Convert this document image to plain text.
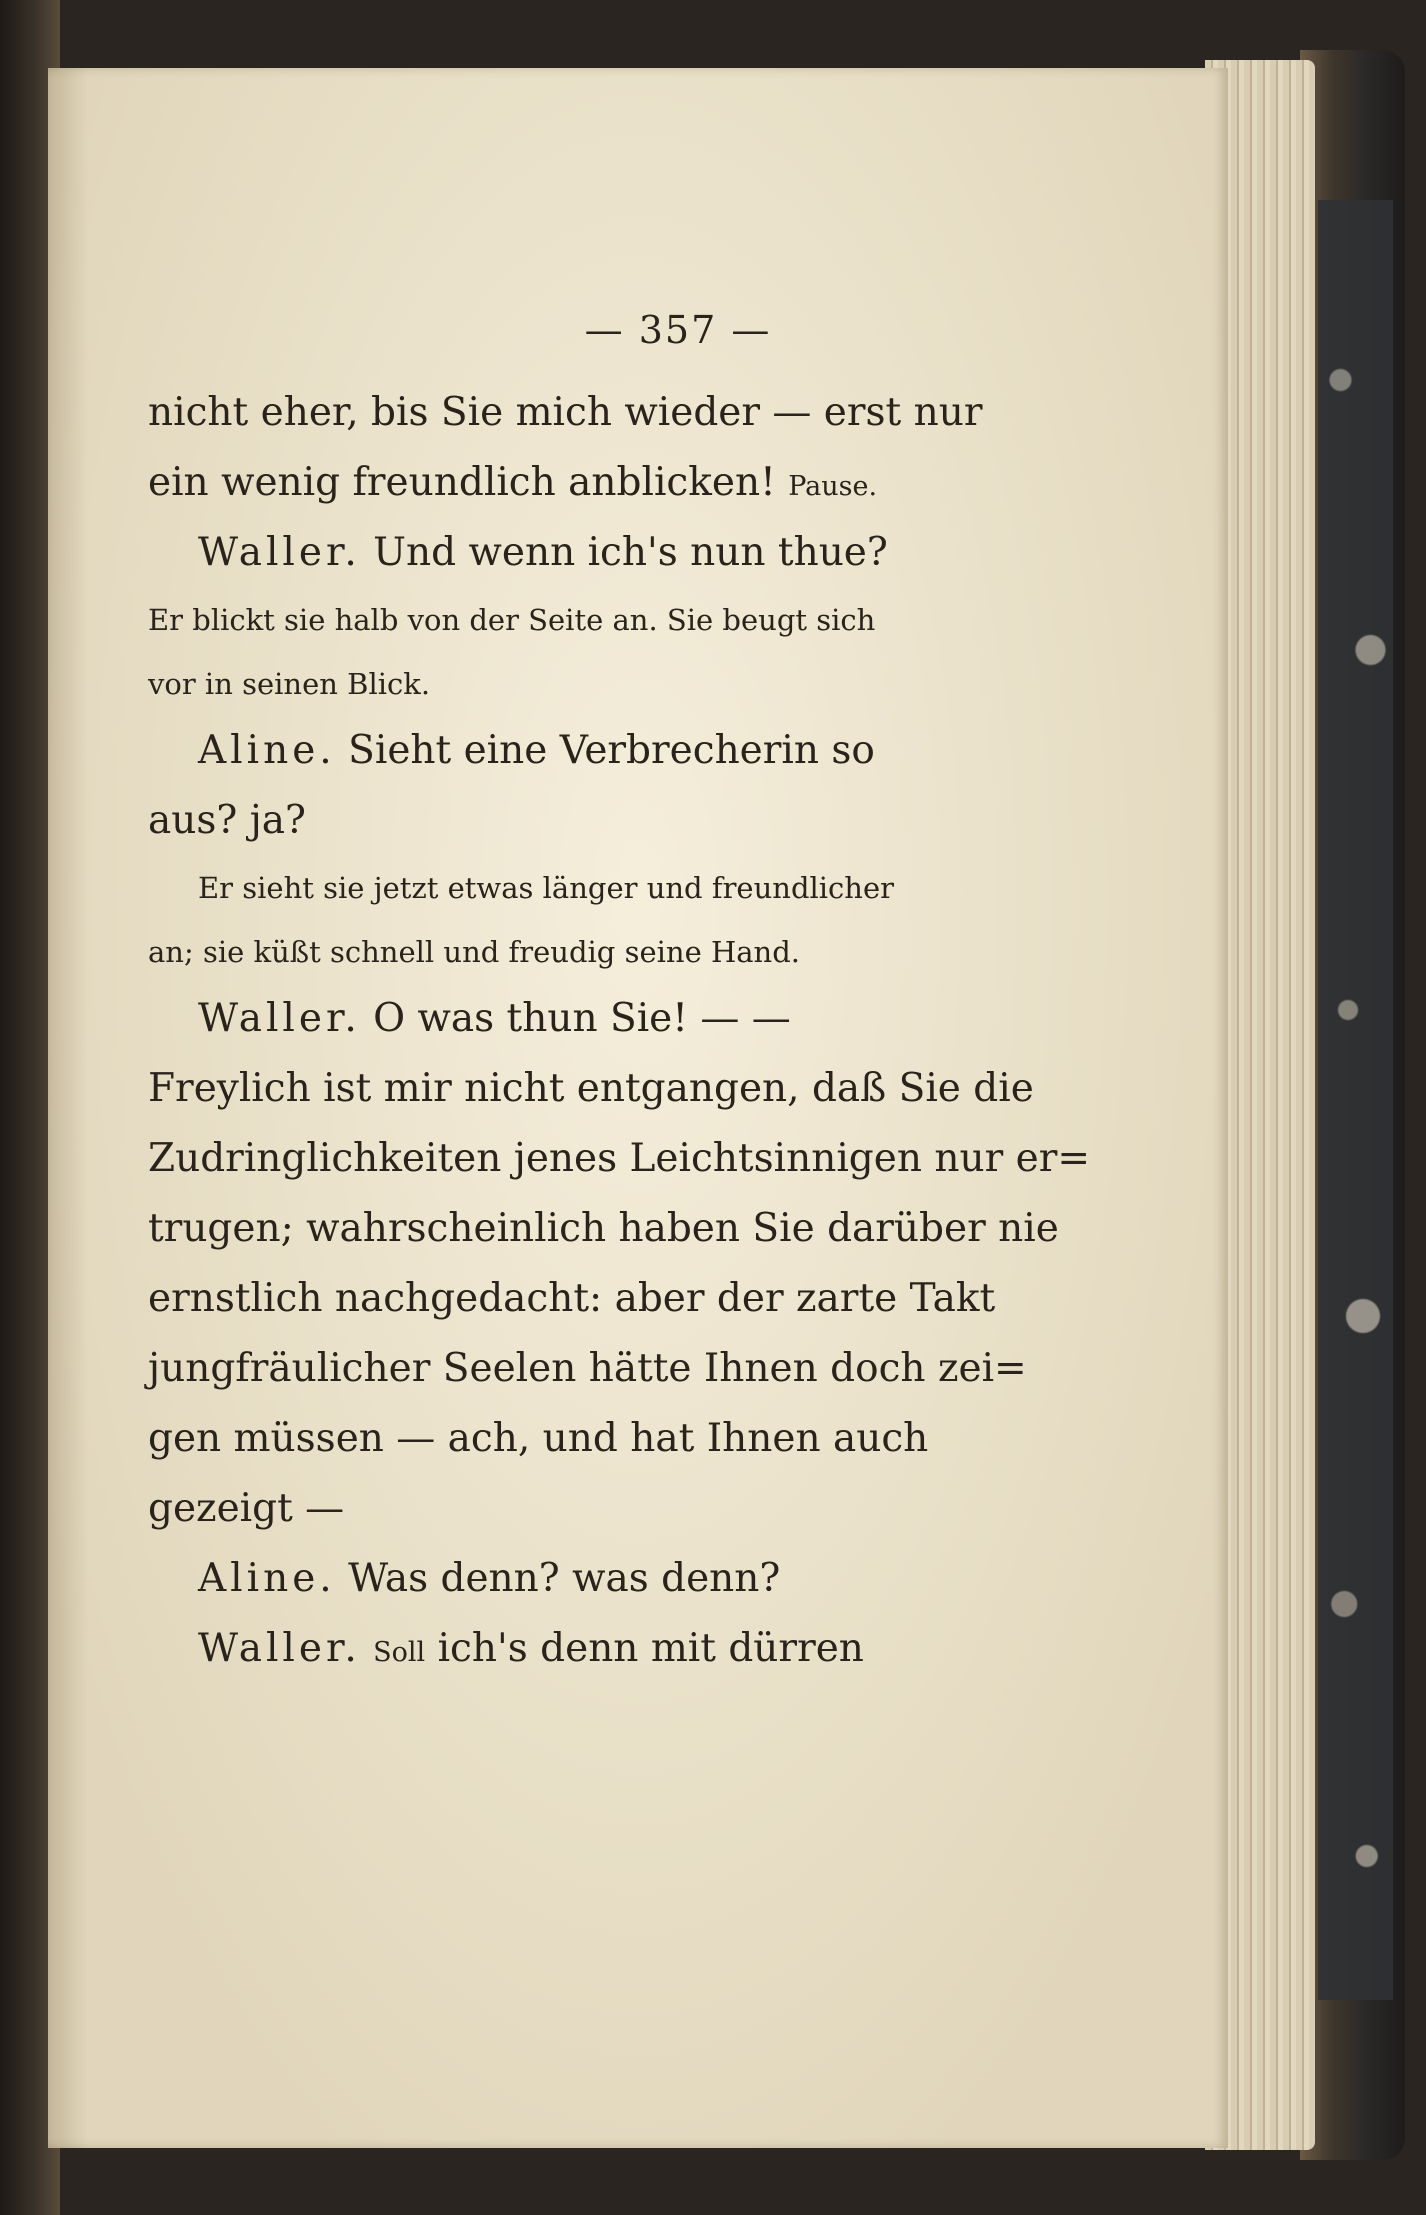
— 357 —
nicht eher, bis Sie mich wieder — erst nur
ein wenig freundlich anblicken! Pause.
Waller. Und wenn ich's nun thue?
Er blickt sie halb von der Seite an. Sie beugt sich
vor in seinen Blick.
Aline. Sieht eine Verbrecherin so
aus? ja?
Er sieht sie jetzt etwas länger und freundlicher
an; sie küßt schnell und freudig seine Hand.
Waller. O was thun Sie! — —
Freylich ist mir nicht entgangen, daß Sie die
Zudringlichkeiten jenes Leichtsinnigen nur er=
trugen; wahrscheinlich haben Sie darüber nie
ernstlich nachgedacht: aber der zarte Takt
jungfräulicher Seelen hätte Ihnen doch zei=
gen müssen — ach, und hat Ihnen auch
gezeigt —
Aline. Was denn? was denn?
Waller. Soll ich's denn mit dürren
